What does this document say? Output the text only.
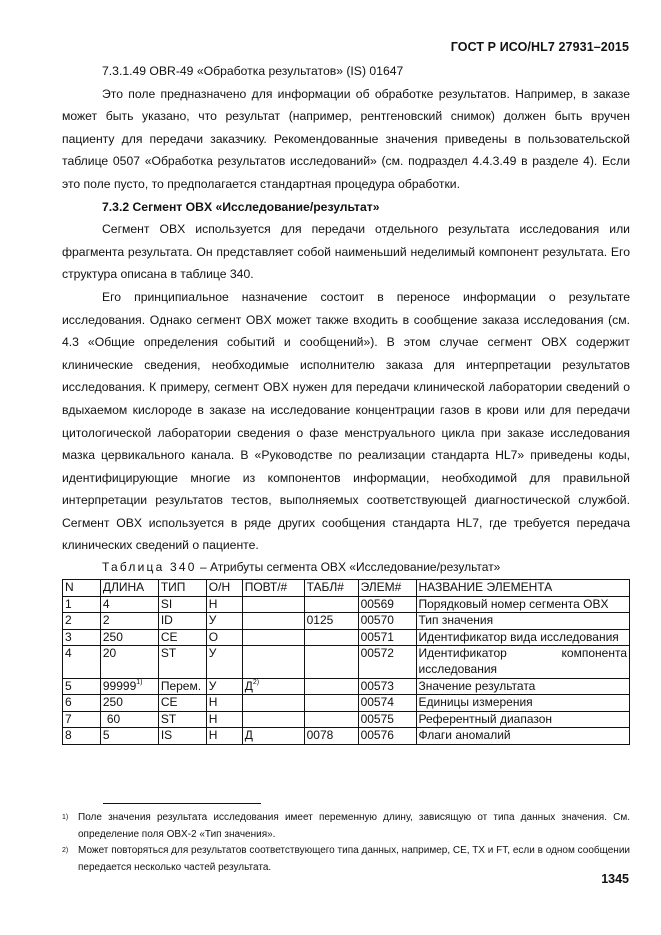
ГОСТ Р ИСО/HL7 27931–2015

7.3.1.49 OBR-49 «Обработка результатов» (IS) 01647

Это поле предназначено для информации об обработке результатов. Например, в заказе может быть указано, что результат (например, рентгеновский снимок) должен быть вручен пациенту для передачи заказчику. Рекомендованные значения приведены в пользовательской таблице 0507 «Обработка результатов исследований» (см. подраздел 4.4.3.49 в разделе 4). Если это поле пусто, то предполагается стандартная процедура обработки.

7.3.2 Сегмент OBX «Исследование/результат»

Сегмент OBX используется для передачи отдельного результата исследования или фрагмента результата. Он представляет собой наименьший неделимый компонент результата. Его структура описана в таблице 340.

Его принципиальное назначение состоит в переносе информации о результате исследования. Однако сегмент OBX может также входить в сообщение заказа исследования (см. 4.3 «Общие определения событий и сообщений»). В этом случае сегмент OBX содержит клинические сведения, необходимые исполнителю заказа для интерпретации результатов исследования. К примеру, сегмент OBX нужен для передачи клинической лаборатории сведений о вдыхаемом кислороде в заказе на исследование концентрации газов в крови или для передачи цитологической лаборатории сведения о фазе менструального цикла при заказе исследования мазка цервикального канала. В «Руководстве по реализации стандарта HL7» приведены коды, идентифицирующие многие из компонентов информации, необходимой для правильной интерпретации результатов тестов, выполняемых соответствующей диагностической службой. Сегмент OBX используется в ряде других сообщения стандарта HL7, где требуется передача клинических сведений о пациенте.

Таблица 340 – Атрибуты сегмента OBX «Исследование/результат»

N	ДЛИНА	ТИП	О/Н	ПОВТ/#	ТАБЛ#	ЭЛЕМ#	НАЗВАНИЕ ЭЛЕМЕНТА
1	4	SI	Н			00569	Порядковый номер сегмента OBX
2	2	ID	У		0125	00570	Тип значения
3	250	CE	О			00571	Идентификатор вида исследования
4	20	ST	У			00572	Идентификатор компонента исследования
5	99999$^{1)}$	Перем.	У	$Д^{2)}$		00573	Значение результата
6	250	CE	Н			00574	Единицы измерения
7	60	ST	Н			00575	Референтный диапазон
8	5	IS	Н	Д	0078	00576	Флаги аномалий

$^{1)}$ Поле значения результата исследования имеет переменную длину, зависящую от типа данных значения. См. определение поля OBX-2 «Тип значения».

$^{2)}$ Может повторяться для результатов соответствующего типа данных, например, CE, TX и FT, если в одном сообщении передается несколько частей результата.

1345
